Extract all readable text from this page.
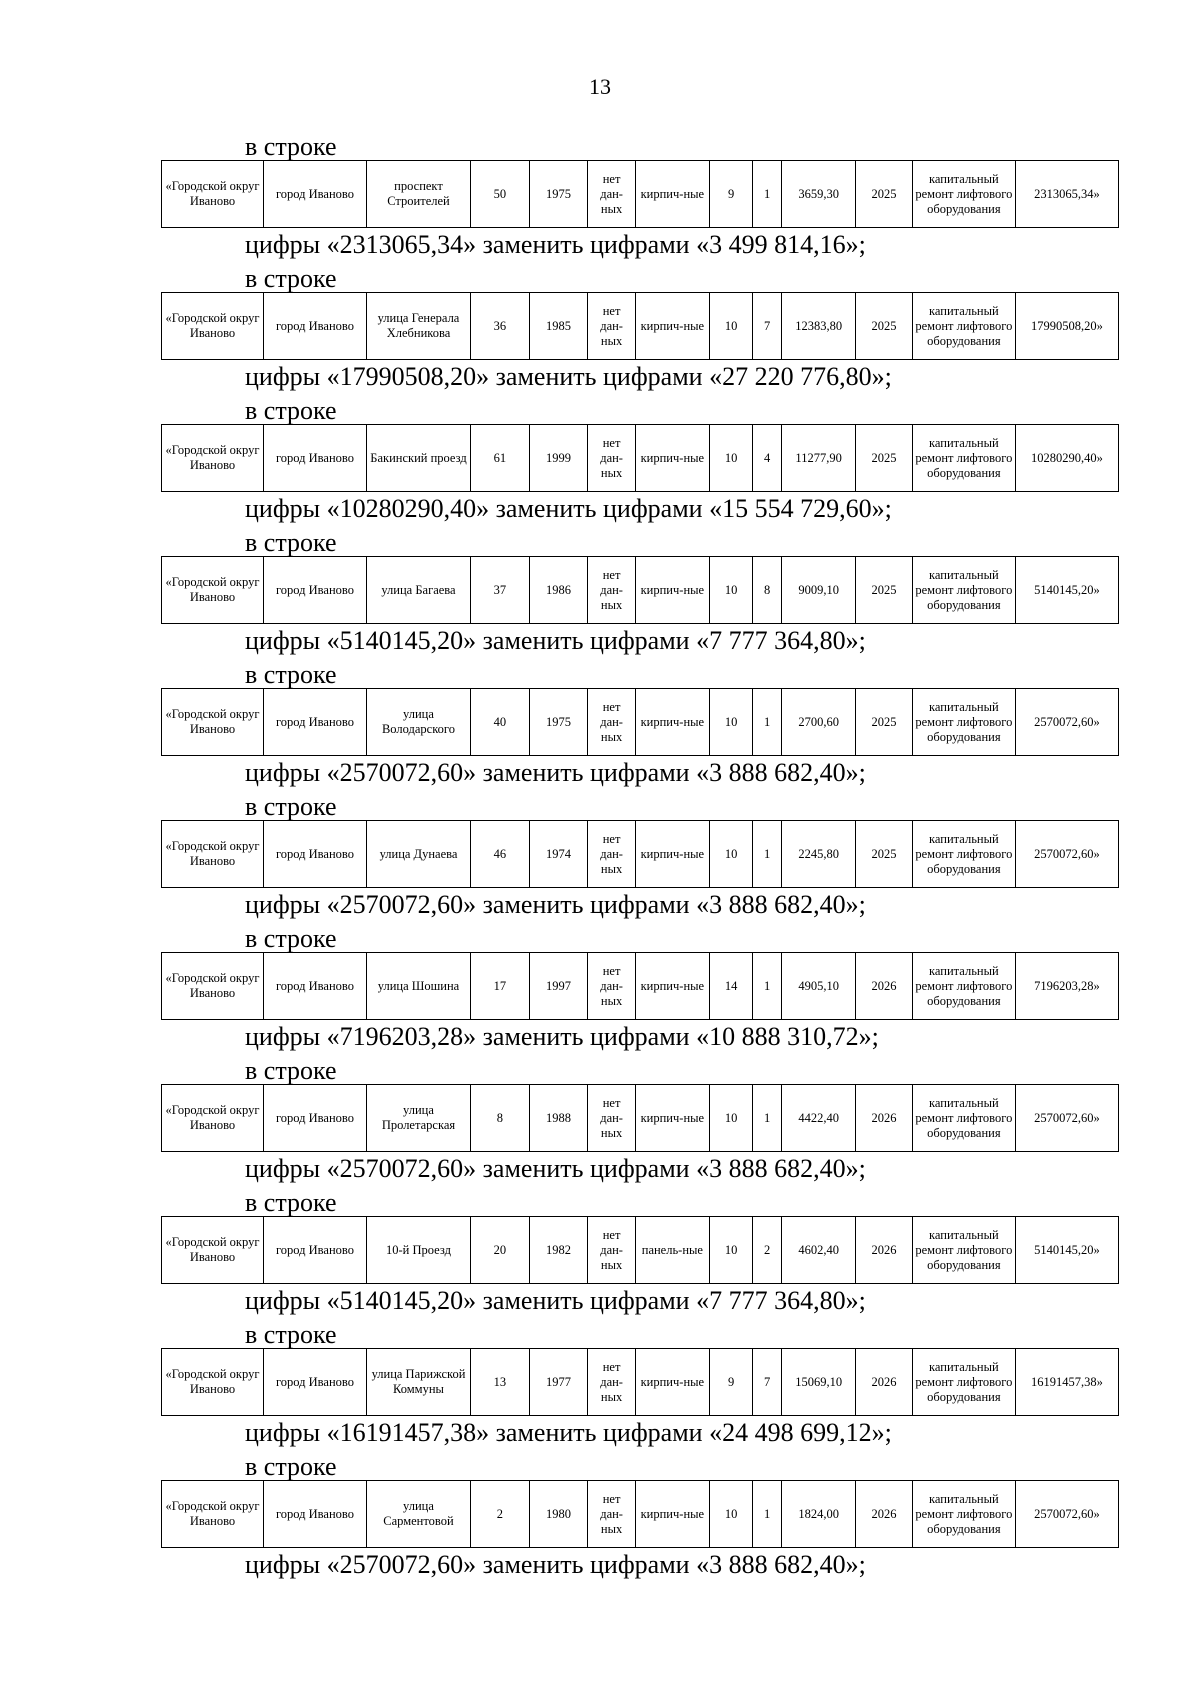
13
в строке
«Городской округ Иваново	город Иваново	проспект Строителей	50	1975	нет дан-ных	кирпич-ные	9	1	3659,30	2025	капитальный ремонт лифтового оборудования	2313065,34»
цифры «2313065,34» заменить цифрами «3 499 814,16»;
в строке
«Городской округ Иваново	город Иваново	улица Генерала Хлебникова	36	1985	нет дан-ных	кирпич-ные	10	7	12383,80	2025	капитальный ремонт лифтового оборудования	17990508,20»
цифры «17990508,20» заменить цифрами «27 220 776,80»;
в строке
«Городской округ Иваново	город Иваново	Бакинский проезд	61	1999	нет дан-ных	кирпич-ные	10	4	11277,90	2025	капитальный ремонт лифтового оборудования	10280290,40»
цифры «10280290,40» заменить цифрами «15 554 729,60»;
в строке
«Городской округ Иваново	город Иваново	улица Багаева	37	1986	нет дан-ных	кирпич-ные	10	8	9009,10	2025	капитальный ремонт лифтового оборудования	5140145,20»
цифры «5140145,20» заменить цифрами «7 777 364,80»;
в строке
«Городской округ Иваново	город Иваново	улица Володарского	40	1975	нет дан-ных	кирпич-ные	10	1	2700,60	2025	капитальный ремонт лифтового оборудования	2570072,60»
цифры «2570072,60» заменить цифрами «3 888 682,40»;
в строке
«Городской округ Иваново	город Иваново	улица Дунаева	46	1974	нет дан-ных	кирпич-ные	10	1	2245,80	2025	капитальный ремонт лифтового оборудования	2570072,60»
цифры «2570072,60» заменить цифрами «3 888 682,40»;
в строке
«Городской округ Иваново	город Иваново	улица Шошина	17	1997	нет дан-ных	кирпич-ные	14	1	4905,10	2026	капитальный ремонт лифтового оборудования	7196203,28»
цифры «7196203,28» заменить цифрами «10 888 310,72»;
в строке
«Городской округ Иваново	город Иваново	улица Пролетарская	8	1988	нет дан-ных	кирпич-ные	10	1	4422,40	2026	капитальный ремонт лифтового оборудования	2570072,60»
цифры «2570072,60» заменить цифрами «3 888 682,40»;
в строке
«Городской округ Иваново	город Иваново	10-й Проезд	20	1982	нет дан-ных	панель-ные	10	2	4602,40	2026	капитальный ремонт лифтового оборудования	5140145,20»
цифры «5140145,20» заменить цифрами «7 777 364,80»;
в строке
«Городской округ Иваново	город Иваново	улица Парижской Коммуны	13	1977	нет дан-ных	кирпич-ные	9	7	15069,10	2026	капитальный ремонт лифтового оборудования	16191457,38»
цифры «16191457,38» заменить цифрами «24 498 699,12»;
в строке
«Городской округ Иваново	город Иваново	улица Сарментовой	2	1980	нет дан-ных	кирпич-ные	10	1	1824,00	2026	капитальный ремонт лифтового оборудования	2570072,60»
цифры «2570072,60» заменить цифрами «3 888 682,40»;
